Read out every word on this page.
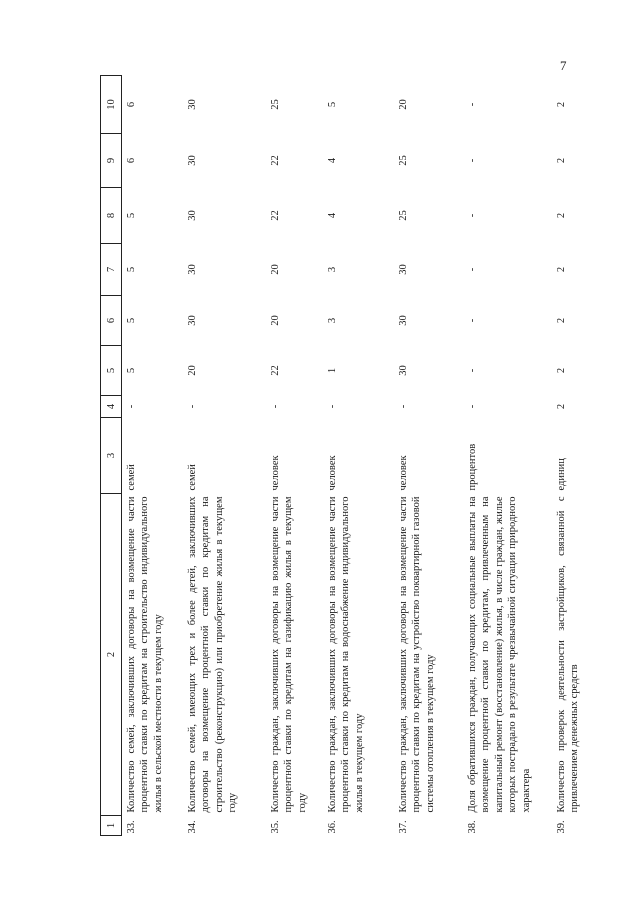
7
1	2	3	4	5	6	7	8	9	10
33.	Количество семей, заключивших договоры на возмещение части процентной ставки по кредитам на строительство индивидуального жилья в сельской местности в текущем году	семей	-	5	5	5	5	6	6
34.	Количество семей, имеющих трех и более детей, заключивших договоры на возмещение процентной ставки по кредитам на строительство (реконструкцию) или приобретение жилья в текущем году	семей	-	20	30	30	30	30	30
35.	Количество граждан, заключивших договоры на возмещение части процентной ставки по кредитам на газификацию жилья в текущем году	человек	-	22	20	20	22	22	25
36.	Количество граждан, заключивших договоры на возмещение части процентной ставки по кредитам на водоснабжение индивидуального жилья в текущем году	человек	-	1	3	3	4	4	5
37.	Количество граждан, заключивших договоры на возмещение части процентной ставки по кредитам на устройство поквартирной газовой системы отопления в текущем году	человек	-	30	30	30	25	25	20
38.	Доля обратившихся граждан, получающих социальные выплаты на возмещение процентной ставки по кредитам, привлеченным на капитальный ремонт (восстановление) жилья, в числе граждан, жилье которых пострадало в результате чрезвычайной ситуации природного характера	процентов	-	-	-	-	-	-	-
39.	Количество проверок деятельности застройщиков, связанной с привлечением денежных средств	единиц	2	2	2	2	2	2	2
